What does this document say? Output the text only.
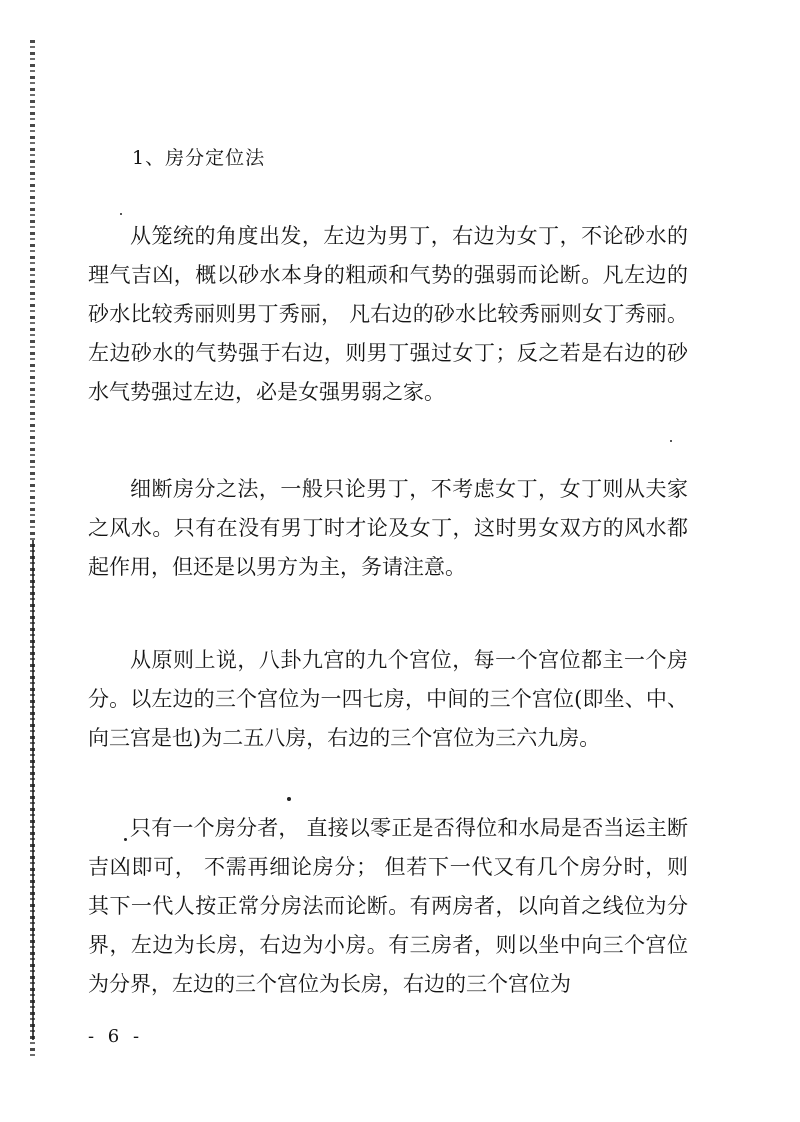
1、房分定位法

从笼统的角度出发，左边为男丁，右边为女丁，不论砂水的理气吉凶，概以砂水本身的粗顽和气势的强弱而论断。凡左边的砂水比较秀丽则男丁秀丽， 凡右边的砂水比较秀丽则女丁秀丽。左边砂水的气势强于右边，则男丁强过女丁；反之若是右边的砂水气势强过左边，必是女强男弱之家。

细断房分之法，一般只论男丁，不考虑女丁，女丁则从夫家之风水。只有在没有男丁时才论及女丁，这时男女双方的风水都起作用，但还是以男方为主，务请注意。

从原则上说，八卦九宫的九个宫位，每一个宫位都主一个房分。以左边的三个宫位为一四七房，中间的三个宫位(即坐、中、向三宫是也)为二五八房，右边的三个宫位为三六九房。

只有一个房分者， 直接以零正是否得位和水局是否当运主断吉凶即可， 不需再细论房分； 但若下一代又有几个房分时，则其下一代人按正常分房法而论断。有两房者，以向首之线位为分界，左边为长房，右边为小房。有三房者，则以坐中向三个宫位为分界，左边的三个宫位为长房，右边的三个宫位为

- 6 -
